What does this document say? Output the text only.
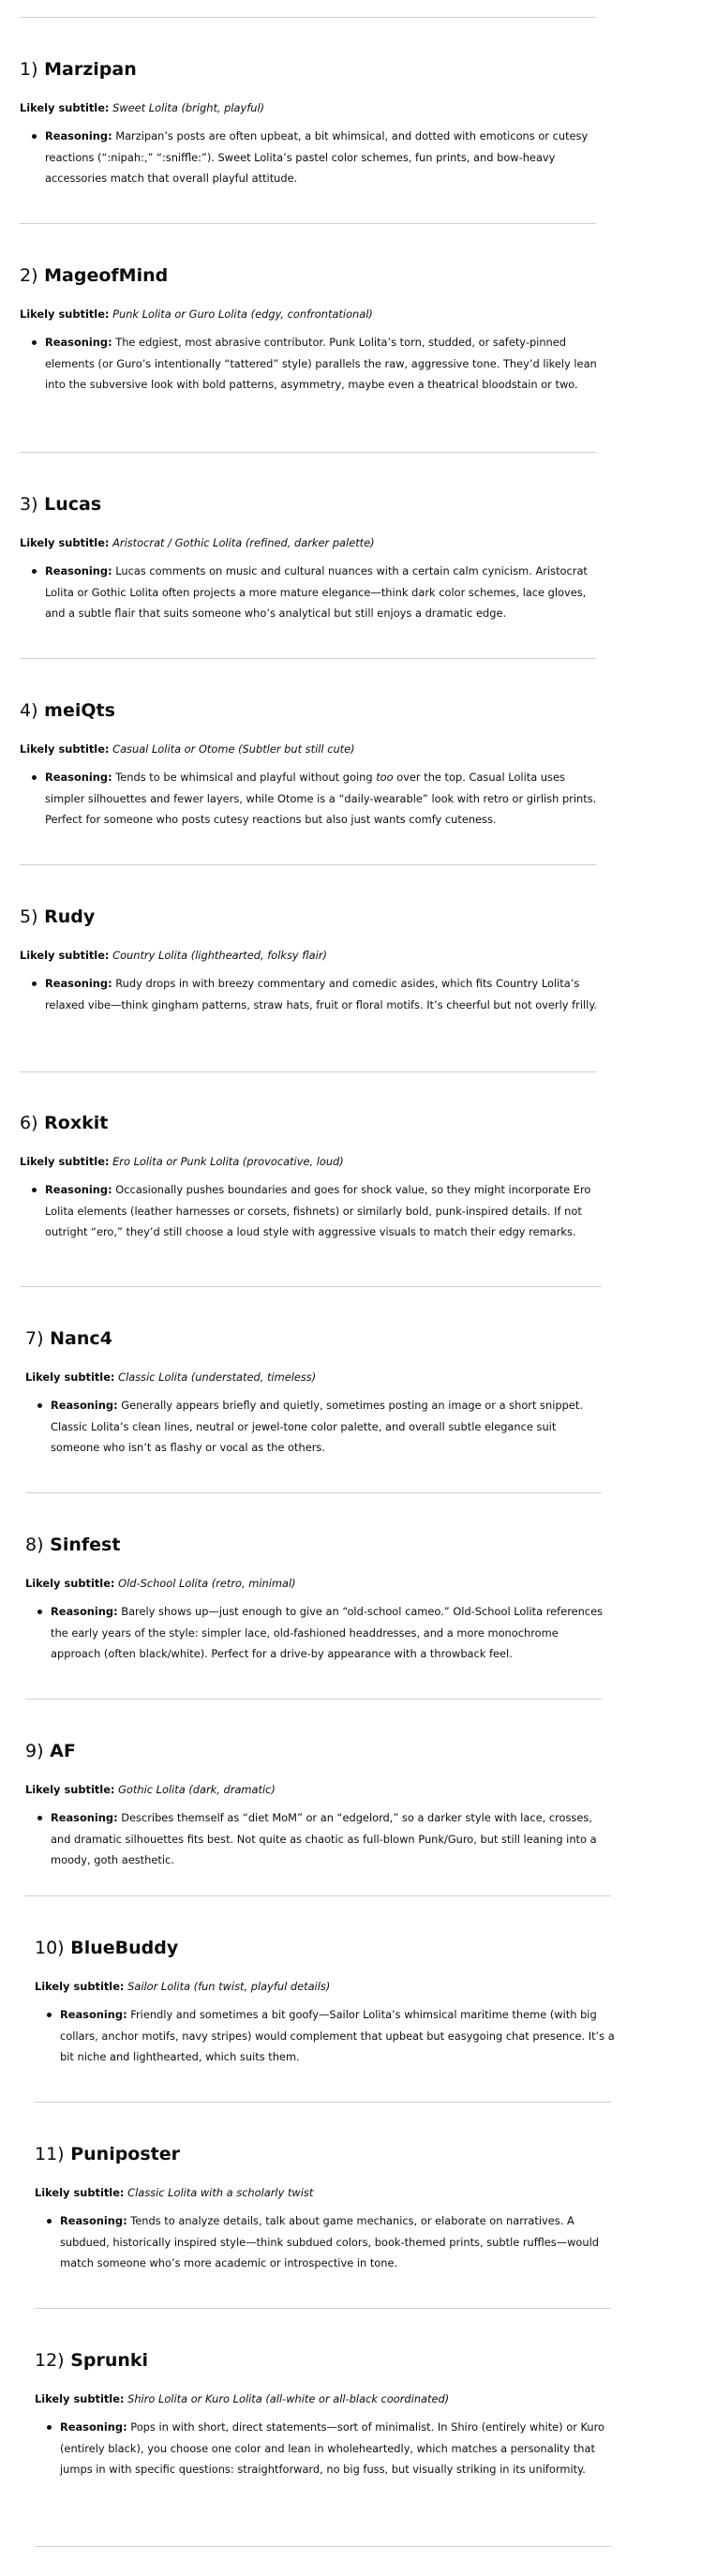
1) Marzipan

Likely subtitle: Sweet Lolita (bright, playful)

Reasoning: Marzipan’s posts are often upbeat, a bit whimsical, and dotted with emoticons or cutesy reactions (“:nipah:,” “:sniffle:”). Sweet Lolita’s pastel color schemes, fun prints, and bow-heavy accessories match that overall playful attitude.
2) MageofMind

Likely subtitle: Punk Lolita or Guro Lolita (edgy, confrontational)

Reasoning: The edgiest, most abrasive contributor. Punk Lolita’s torn, studded, or safety-pinned elements (or Guro’s intentionally “tattered” style) parallels the raw, aggressive tone. They’d likely lean into the subversive look with bold patterns, asymmetry, maybe even a theatrical bloodstain or two.
3) Lucas

Likely subtitle: Aristocrat / Gothic Lolita (refined, darker palette)

Reasoning: Lucas comments on music and cultural nuances with a certain calm cynicism. Aristocrat Lolita or Gothic Lolita often projects a more mature elegance—think dark color schemes, lace gloves, and a subtle flair that suits someone who’s analytical but still enjoys a dramatic edge.
4) meiQts

Likely subtitle: Casual Lolita or Otome (Subtler but still cute)

Reasoning: Tends to be whimsical and playful without going too over the top. Casual Lolita uses simpler silhouettes and fewer layers, while Otome is a “daily-wearable” look with retro or girlish prints. Perfect for someone who posts cutesy reactions but also just wants comfy cuteness.
5) Rudy

Likely subtitle: Country Lolita (lighthearted, folksy flair)

Reasoning: Rudy drops in with breezy commentary and comedic asides, which fits Country Lolita’s relaxed vibe—think gingham patterns, straw hats, fruit or floral motifs. It’s cheerful but not overly frilly.
6) Roxkit

Likely subtitle: Ero Lolita or Punk Lolita (provocative, loud)

Reasoning: Occasionally pushes boundaries and goes for shock value, so they might incorporate Ero Lolita elements (leather harnesses or corsets, fishnets) or similarly bold, punk-inspired details. If not outright “ero,” they’d still choose a loud style with aggressive visuals to match their edgy remarks.
7) Nanc4

Likely subtitle: Classic Lolita (understated, timeless)

Reasoning: Generally appears briefly and quietly, sometimes posting an image or a short snippet. Classic Lolita’s clean lines, neutral or jewel-tone color palette, and overall subtle elegance suit someone who isn’t as flashy or vocal as the others.
8) Sinfest

Likely subtitle: Old-School Lolita (retro, minimal)

Reasoning: Barely shows up—just enough to give an “old-school cameo.” Old-School Lolita references the early years of the style: simpler lace, old-fashioned headdresses, and a more monochrome approach (often black/white). Perfect for a drive-by appearance with a throwback feel.
9) AF

Likely subtitle: Gothic Lolita (dark, dramatic)

Reasoning: Describes themself as “diet MoM” or an “edgelord,” so a darker style with lace, crosses, and dramatic silhouettes fits best. Not quite as chaotic as full-blown Punk/Guro, but still leaning into a moody, goth aesthetic.
10) BlueBuddy

Likely subtitle: Sailor Lolita (fun twist, playful details)

Reasoning: Friendly and sometimes a bit goofy—Sailor Lolita’s whimsical maritime theme (with big collars, anchor motifs, navy stripes) would complement that upbeat but easygoing chat presence. It’s a bit niche and lighthearted, which suits them.
11) Puniposter

Likely subtitle: Classic Lolita with a scholarly twist

Reasoning: Tends to analyze details, talk about game mechanics, or elaborate on narratives. A subdued, historically inspired style—think subdued colors, book-themed prints, subtle ruffles—would match someone who’s more academic or introspective in tone.
12) Sprunki

Likely subtitle: Shiro Lolita or Kuro Lolita (all-white or all-black coordinated)

Reasoning: Pops in with short, direct statements—sort of minimalist. In Shiro (entirely white) or Kuro (entirely black), you choose one color and lean in wholeheartedly, which matches a personality that jumps in with specific questions: straightforward, no big fuss, but visually striking in its uniformity.
